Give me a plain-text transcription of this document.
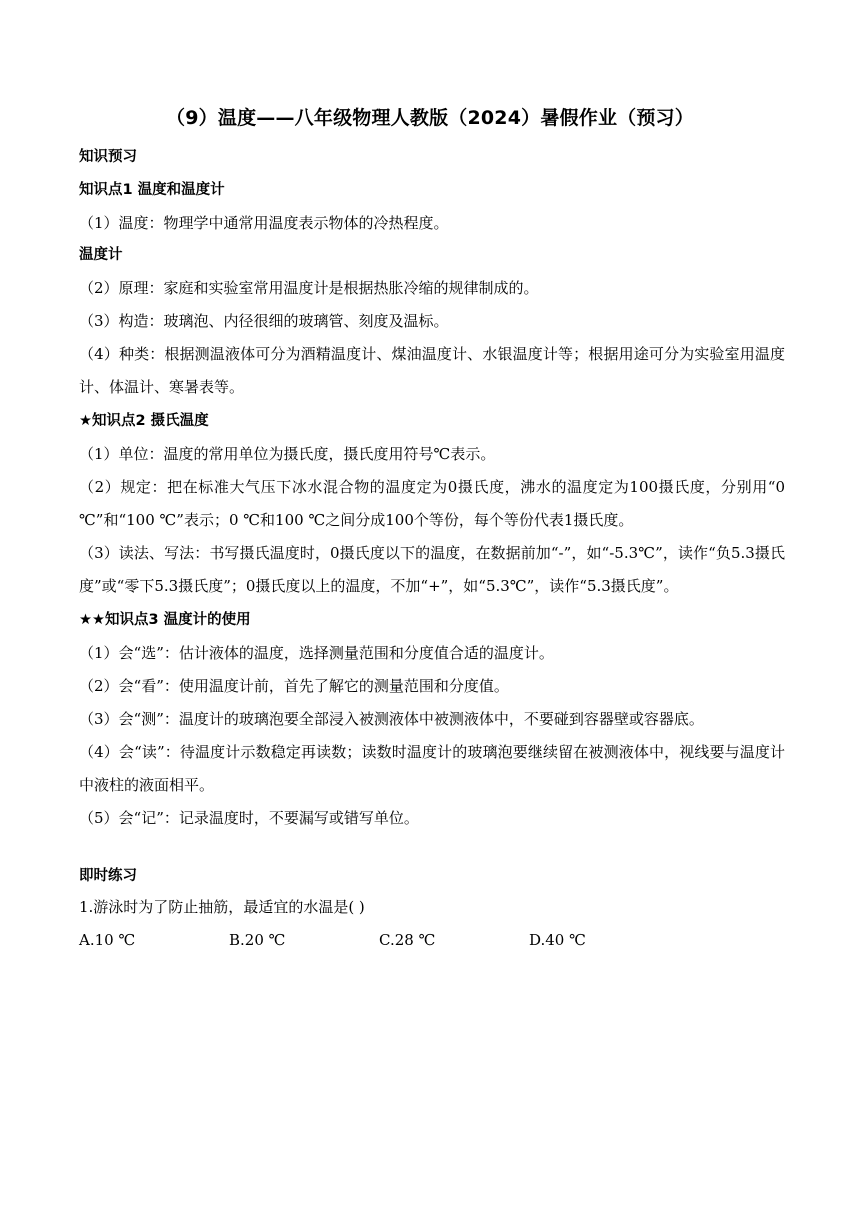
（9）温度——八年级物理人教版（2024）暑假作业（预习）
知识预习
知识点1 温度和温度计

（1）温度：物理学中通常用温度表示物体的冷热程度。

温度计

（2）原理：家庭和实验室常用温度计是根据热胀冷缩的规律制成的。

（3）构造：玻璃泡、内径很细的玻璃管、刻度及温标。

（4）种类：根据测温液体可分为酒精温度计、煤油温度计、水银温度计等；根据用途可分为实验室用温度计、体温计、寒暑表等。

★知识点2 摄氏温度

（1）单位：温度的常用单位为摄氏度，摄氏度用符号℃表示。

（2）规定：把在标准大气压下冰水混合物的温度定为0摄氏度，沸水的温度定为100摄氏度，分别用“0 ℃”和“100 ℃”表示；0 ℃和100 ℃之间分成100个等份，每个等份代表1摄氏度。

（3）读法、写法：书写摄氏温度时，0摄氏度以下的温度，在数据前加“-”，如“-5.3℃”，读作“负5.3摄氏度”或“零下5.3摄氏度”；0摄氏度以上的温度，不加“+”，如“5.3℃”，读作“5.3摄氏度”。

★★知识点3 温度计的使用

（1）会“选”：估计液体的温度，选择测量范围和分度值合适的温度计。

（2）会“看”：使用温度计前，首先了解它的测量范围和分度值。

（3）会“测”：温度计的玻璃泡要全部浸入被测液体中被测液体中，不要碰到容器壁或容器底。

（4）会“读”：待温度计示数稳定再读数；读数时温度计的玻璃泡要继续留在被测液体中，视线要与温度计中液柱的液面相平。

（5）会“记”：记录温度时，不要漏写或错写单位。

即时练习

1.游泳时为了防止抽筋，最适宜的水温是( )

A.10 ℃	B.20 ℃	C.28 ℃	D.40 ℃
